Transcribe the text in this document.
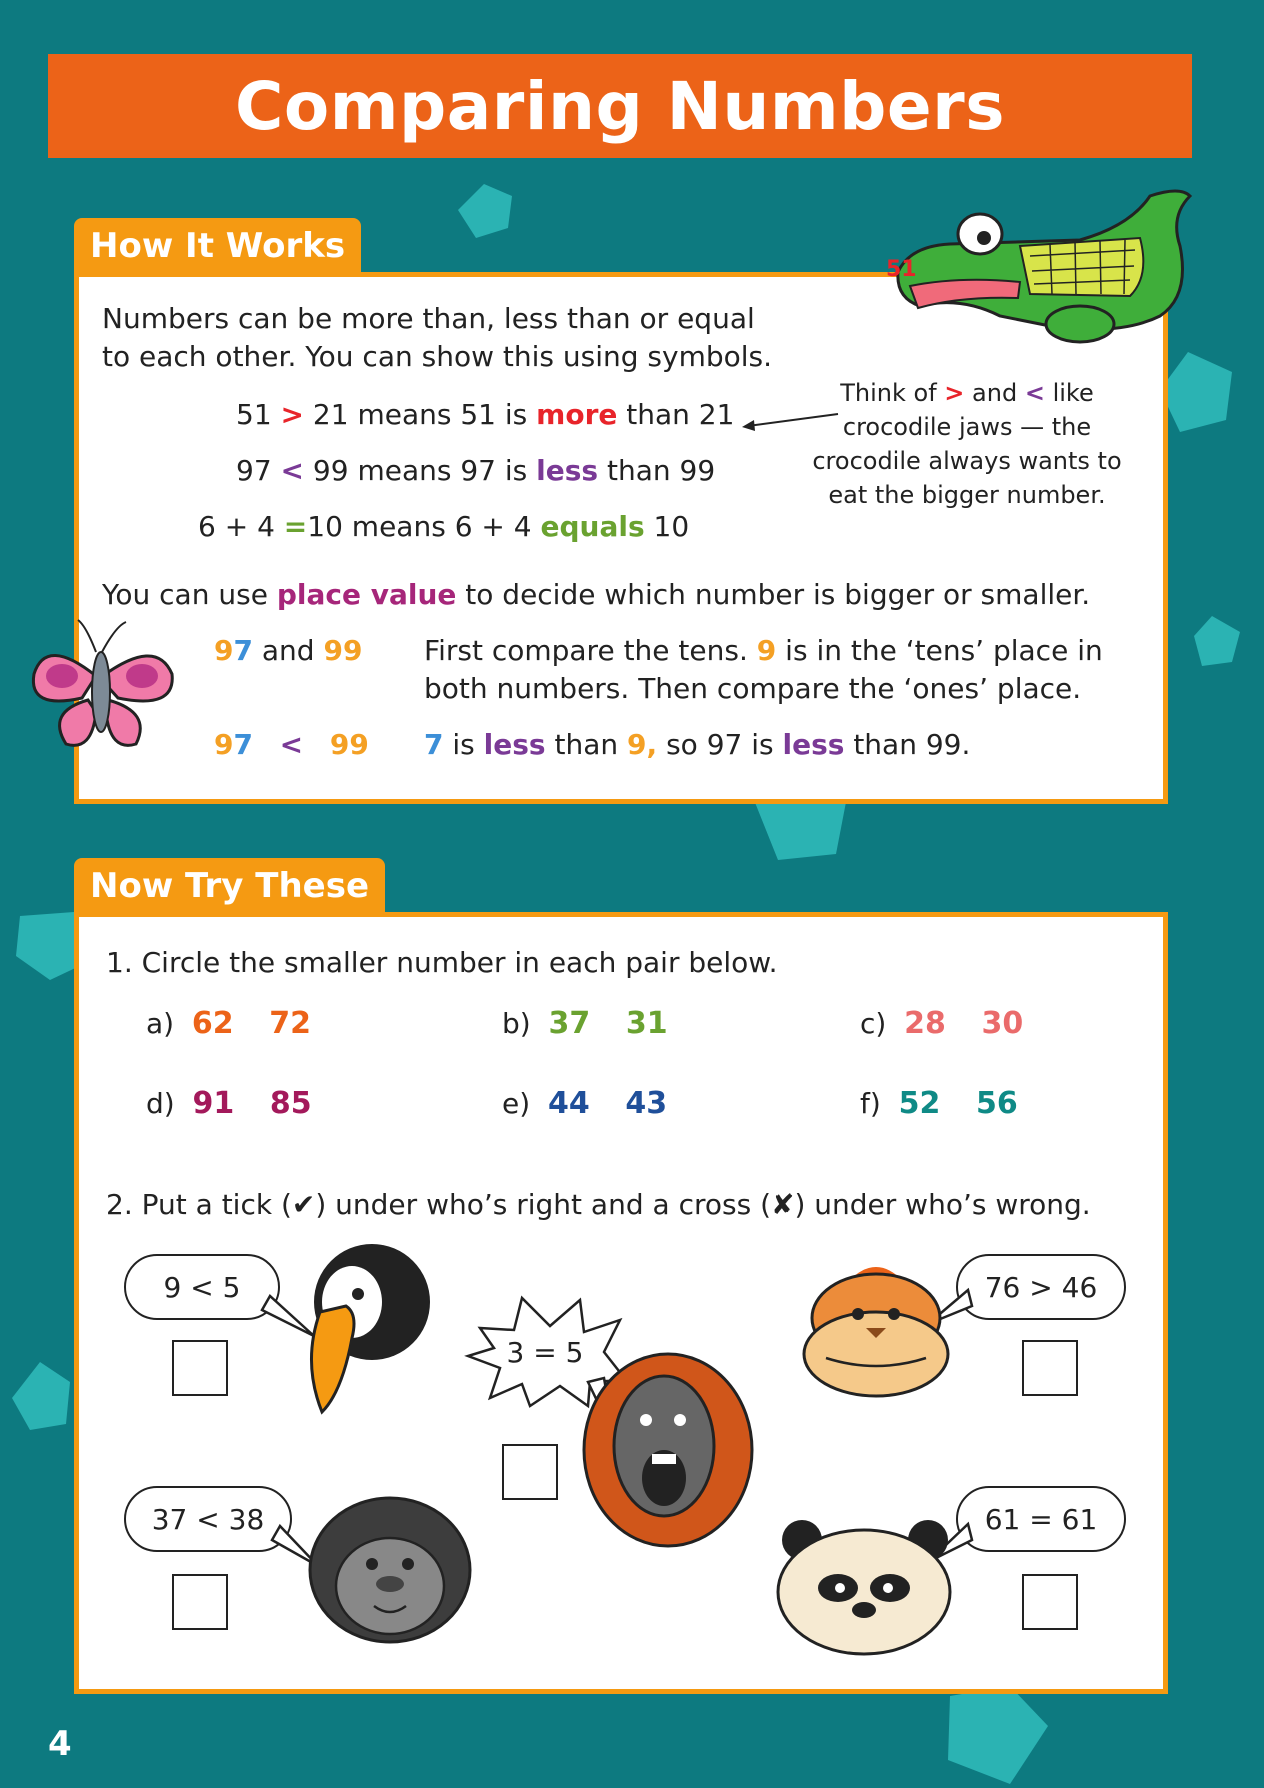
Comparing Numbers
How It Works
Numbers can be more than, less than or equal
to each other. You can show this using symbols.
51 > 21 means 51 is more than 21
97 < 99 means 97 is less than 99
6 + 4 =10 means 6 + 4 equals 10
Think of > and < like
crocodile jaws — the
crocodile always wants to
eat the bigger number.
51
You can use place value to decide which number is bigger or smaller.
97 and 99 First compare the tens. 9 is in the ‘tens’ place in
both numbers. Then compare the ‘ones’ place.
97 < 99 7 is less than 9, so 97 is less than 99.
Now Try These
1. Circle the smaller number in each pair below.
a) 62 72	b) 37 31	c) 28 30
d) 91 85	e) 44 43	f) 52 56
2. Put a tick (✔) under who’s right and a cross (✘) under who’s wrong.
9 < 5	76 > 46
37 < 38	61 = 61
3 = 5
4
